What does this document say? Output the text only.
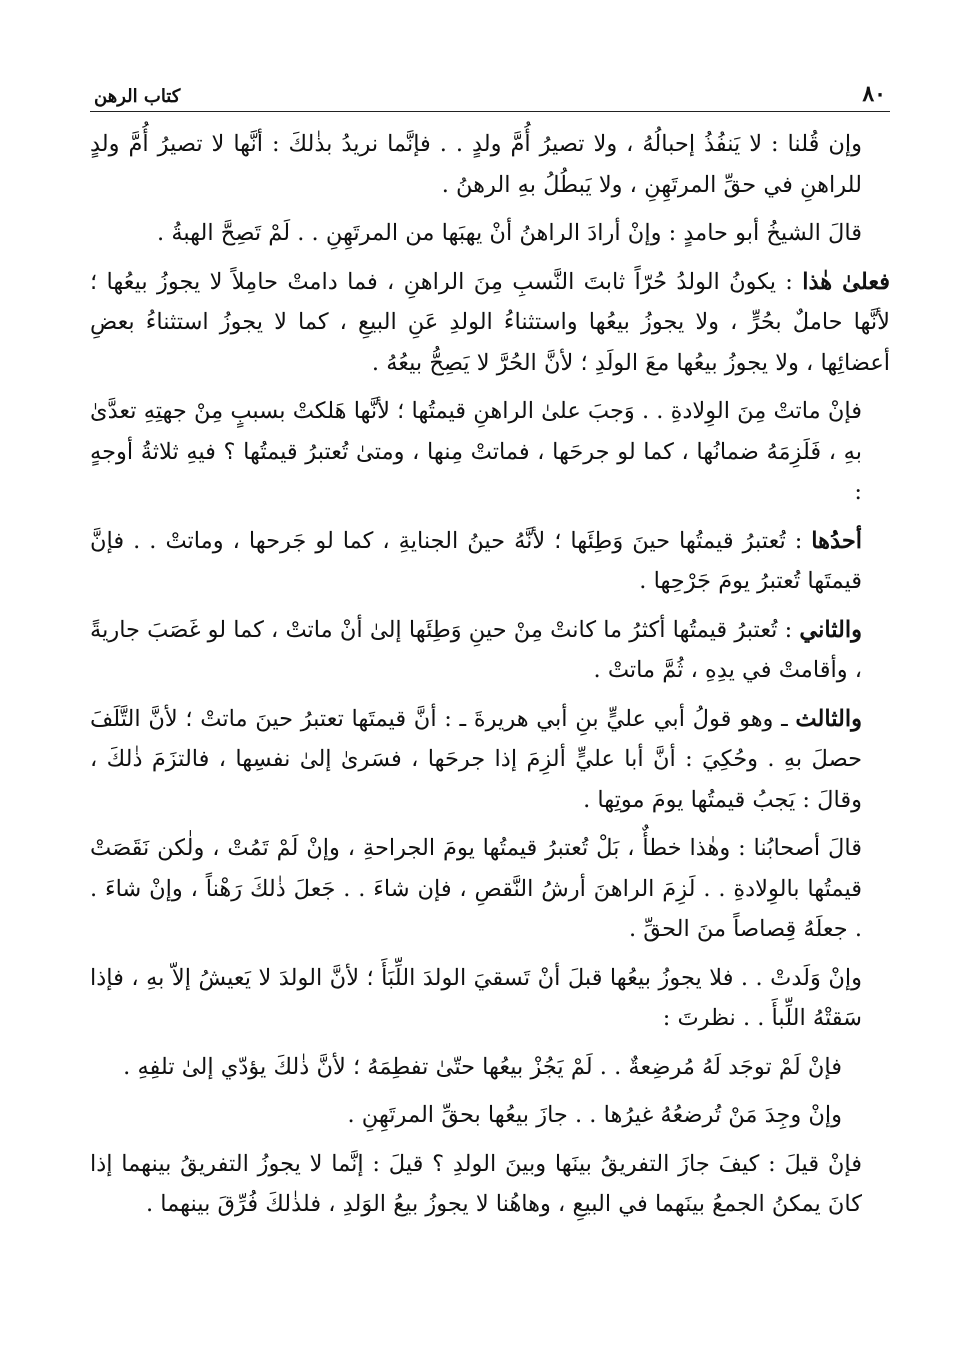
٨٠
كتاب الرهن

وإن قُلنا : لا يَنفُذُ إحبالُهُ ، ولا تصيرُ أُمَّ ولدٍ . . فإنَّما نريدُ بذٰلكَ : أنَّها لا تصيرُ أُمَّ ولدٍ للراهنِ في حقِّ المرتَهِنِ ، ولا يَبطُلُ بهِ الرهنُ .

قالَ الشيخُ أبو حامدٍ : وإنْ أرادَ الراهنُ أنْ يهبَها من المرتَهِنِ . . لَمْ تَصِحَّ الهبةُ .

فعلىٰ هٰذا : يكونُ الولدُ حُرّاً ثابتَ النَّسبِ مِنَ الراهنِ ، فما دامتْ حامِلاً لا يجوزُ بيعُها ؛ لأنَّها حاملٌ بحُرٍّ ، ولا يجوزُ بيعُها واستثناءُ الولدِ عَنِ البيعِ ، كما لا يجوزُ استثناءُ بعضِ أعضائِها ، ولا يجوزُ بيعُها معَ الولَدِ ؛ لأنَّ الحُرَّ لا يَصِحُّ بيعُهُ .

فإنْ ماتتْ مِنَ الوِلادةِ . . وَجبَ علىٰ الراهنِ قيمتُها ؛ لأنَّها هَلكتْ بسببٍ مِنْ جهتِهِ تعدَّىٰ بهِ ، فَلَزِمَهُ ضمانُها ، كما لو جرحَها ، فماتتْ مِنها ، ومتىٰ تُعتبرُ قيمتُها ؟ فيهِ ثلاثةُ أوجهٍ :

أحدُها : تُعتبرُ قيمتُها حينَ وَطِئَها ؛ لأنَّهُ حينُ الجنايةِ ، كما لو جَرحها ، وماتتْ . . فإنَّ قيمتَها تُعتبرُ يومَ جَرْحِها .

والثاني : تُعتبرُ قيمتُها أكثرُ ما كانتْ مِنْ حينِ وَطِئَها إلىٰ أنْ ماتتْ ، كما لو غَصَبَ جاريةً ، وأقامتْ في يدِهِ ، ثُمَّ ماتتْ .

والثالث ـ وهو قولُ أبي عليٍّ بنِ أبي هريرةَ ـ : أنَّ قيمتَها تعتبرُ حينَ ماتتْ ؛ لأنَّ التَّلَفَ حصلَ بهِ . وحُكِيَ : أنَّ أبا عليٍّ ألزِمَ إذا جرحَها ، فسَرىٰ إلىٰ نفسِها ، فالتزَمَ ذٰلكَ ، وقالَ : يَجبُ قيمتُها يومَ موتِها .

قالَ أصحابُنا : وهٰذا خطأٌ ، بَلْ تُعتبرُ قيمتُها يومَ الجراحةِ ، وإنْ لَمْ تَمُتْ ، ولٰكن نَقَصَتْ قيمتُها بالوِلادةِ . . لَزِمَ الراهنَ أرشُ النَّقصِ ، فإن شاءَ . . جَعلَ ذٰلكَ رَهْناً ، وإنْ شاءَ . . جعلَهُ قِصاصاً منَ الحقِّ .

وإنْ وَلَدتْ . . فلا يجوزُ بيعُها قبلَ أنْ تَسقيَ الولدَ اللِّبَأَ ؛ لأنَّ الولدَ لا يَعيشُ إلاّ بهِ ، فإذا سَقتْهُ اللِّبأَ . . نظرتَ :

فإنْ لَمْ توجَد لَهُ مُرضِعةٌ . . لَمْ يَجُزْ بيعُها حتّىٰ تفطِمَهُ ؛ لأنَّ ذٰلكَ يؤدّي إلىٰ تلفِهِ .

وإنْ وجِدَ مَنْ تُرضعُهُ غيرُها . . جازَ بيعُها بحقِّ المرتَهِنِ .

فإنْ قيلَ : كيفَ جازَ التفريقُ بينَها وبينَ الولدِ ؟ قيلَ : إنَّما لا يجوزُ التفريقُ بينهما إذا كانَ يمكنُ الجمعُ بينَهما في البيعِ ، وهاهُنا لا يجوزُ بيعُ الوَلدِ ، فلذٰلكَ فُرِّقَ بينهما .
